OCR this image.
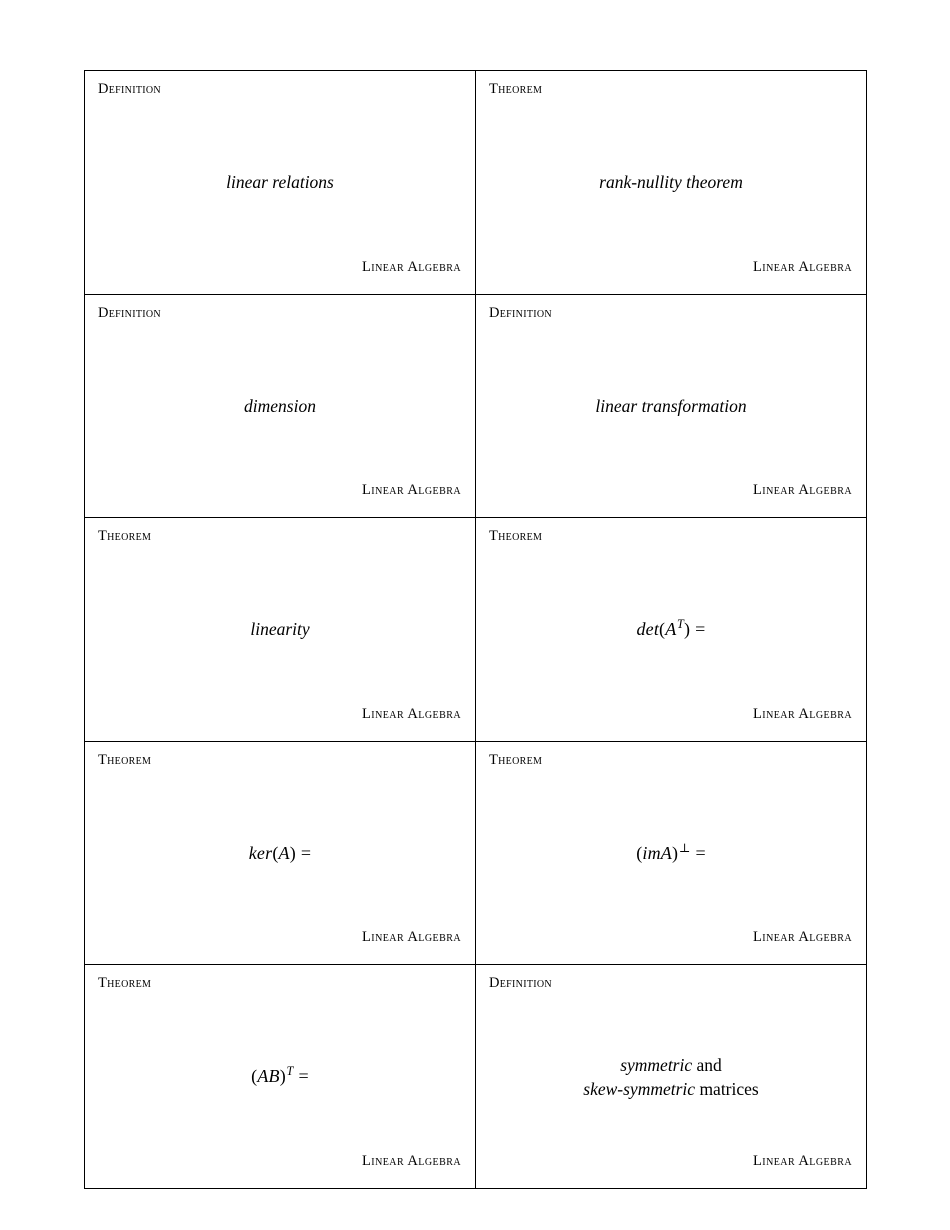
Definition
linear relations
Linear Algebra
Theorem
rank-nullity theorem
Linear Algebra
Definition
dimension
Linear Algebra
Definition
linear transformation
Linear Algebra
Theorem
linearity
Linear Algebra
Theorem
$\det(A^T)$ =
Linear Algebra
Theorem
ker(A) =
Linear Algebra
Theorem
(imA)⊥ =
Linear Algebra
Theorem
(AB)$^T$ =
Linear Algebra
Definition
symmetric and
skew-symmetric matrices
Linear Algebra
